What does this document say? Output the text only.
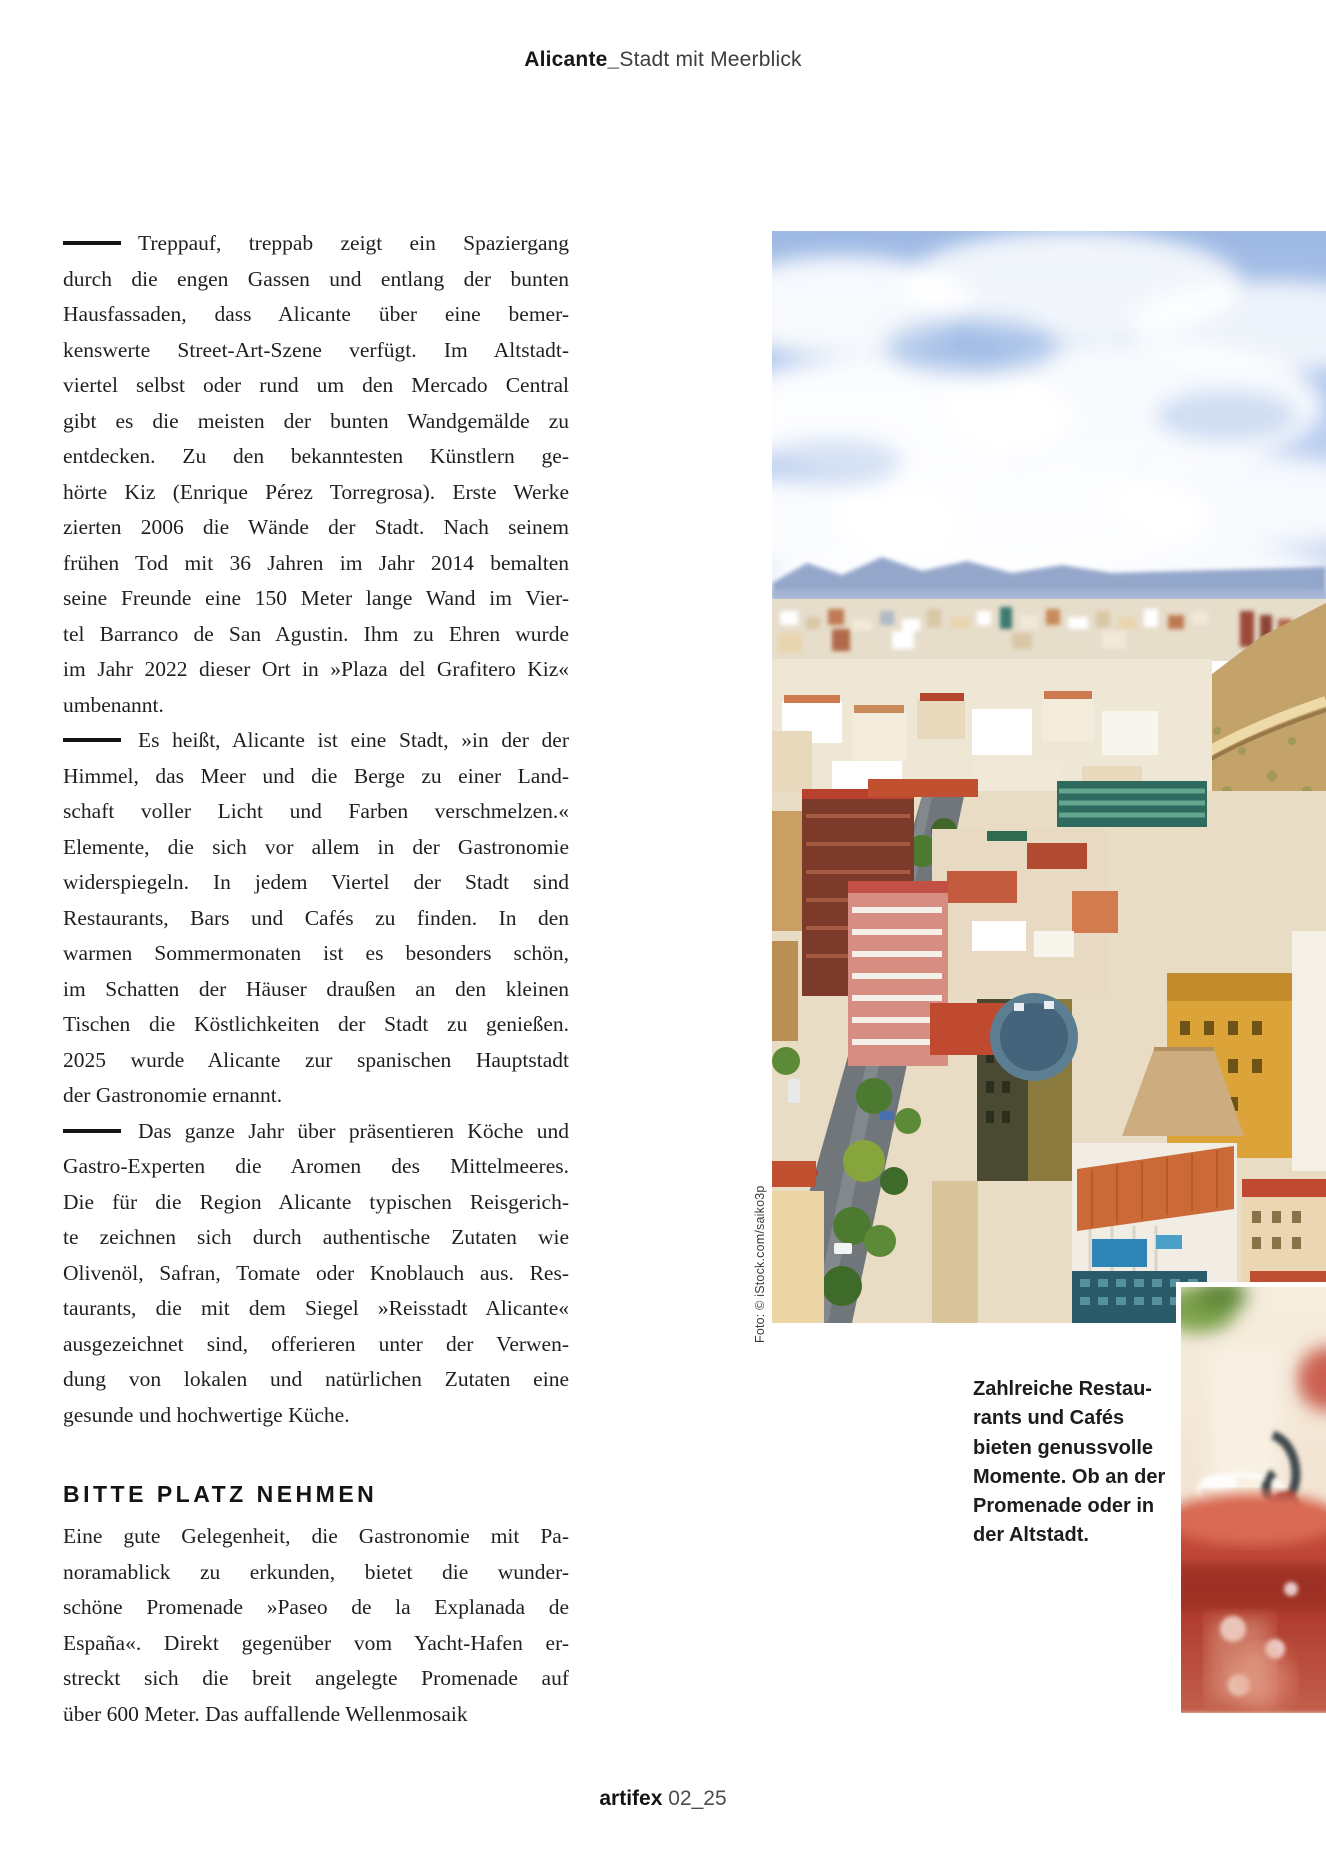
Alicante_Stadt mit Meerblick
Treppauf, treppab zeigt ein Spaziergang
durch die engen Gassen und entlang der bunten
Hausfassaden, dass Alicante über eine bemer-
kenswerte Street-Art-Szene verfügt. Im Altstadt-
viertel selbst oder rund um den Mercado Central
gibt es die meisten der bunten Wandgemälde zu
entdecken. Zu den bekanntesten Künstlern ge-
hörte Kiz (Enrique Pérez Torregrosa). Erste Werke
zierten 2006 die Wände der Stadt. Nach seinem
frühen Tod mit 36 Jahren im Jahr 2014 bemalten
seine Freunde eine 150 Meter lange Wand im Vier-
tel Barranco de San Agustin. Ihm zu Ehren wurde
im Jahr 2022 dieser Ort in »Plaza del Grafitero Kiz«
umbenannt.
Es heißt, Alicante ist eine Stadt, »in der der
Himmel, das Meer und die Berge zu einer Land-
schaft voller Licht und Farben verschmelzen.«
Elemente, die sich vor allem in der Gastronomie
widerspiegeln. In jedem Viertel der Stadt sind
Restaurants, Bars und Cafés zu finden. In den
warmen Sommermonaten ist es besonders schön,
im Schatten der Häuser draußen an den kleinen
Tischen die Köstlichkeiten der Stadt zu genießen.
2025 wurde Alicante zur spanischen Hauptstadt
der Gastronomie ernannt.
Das ganze Jahr über präsentieren Köche und
Gastro-Experten die Aromen des Mittelmeeres.
Die für die Region Alicante typischen Reisgerich-
te zeichnen sich durch authentische Zutaten wie
Olivenöl, Safran, Tomate oder Knoblauch aus. Res-
taurants, die mit dem Siegel »Reisstadt Alicante«
ausgezeichnet sind, offerieren unter der Verwen-
dung von lokalen und natürlichen Zutaten eine
gesunde und hochwertige Küche.
BITTE PLATZ NEHMEN
Eine gute Gelegenheit, die Gastronomie mit Pa-
noramablick zu erkunden, bietet die wunder-
schöne Promenade »Paseo de la Explanada de
España«. Direkt gegenüber vom Yacht-Hafen er-
streckt sich die breit angelegte Promenade auf
über 600 Meter. Das auffallende Wellenmosaik
Foto: © iStock.com/saiko3p
Zahlreiche Restau-
rants und Cafés
bieten genussvolle
Momente. Ob an der
Promenade oder in
der Altstadt.
artifex 02_25
